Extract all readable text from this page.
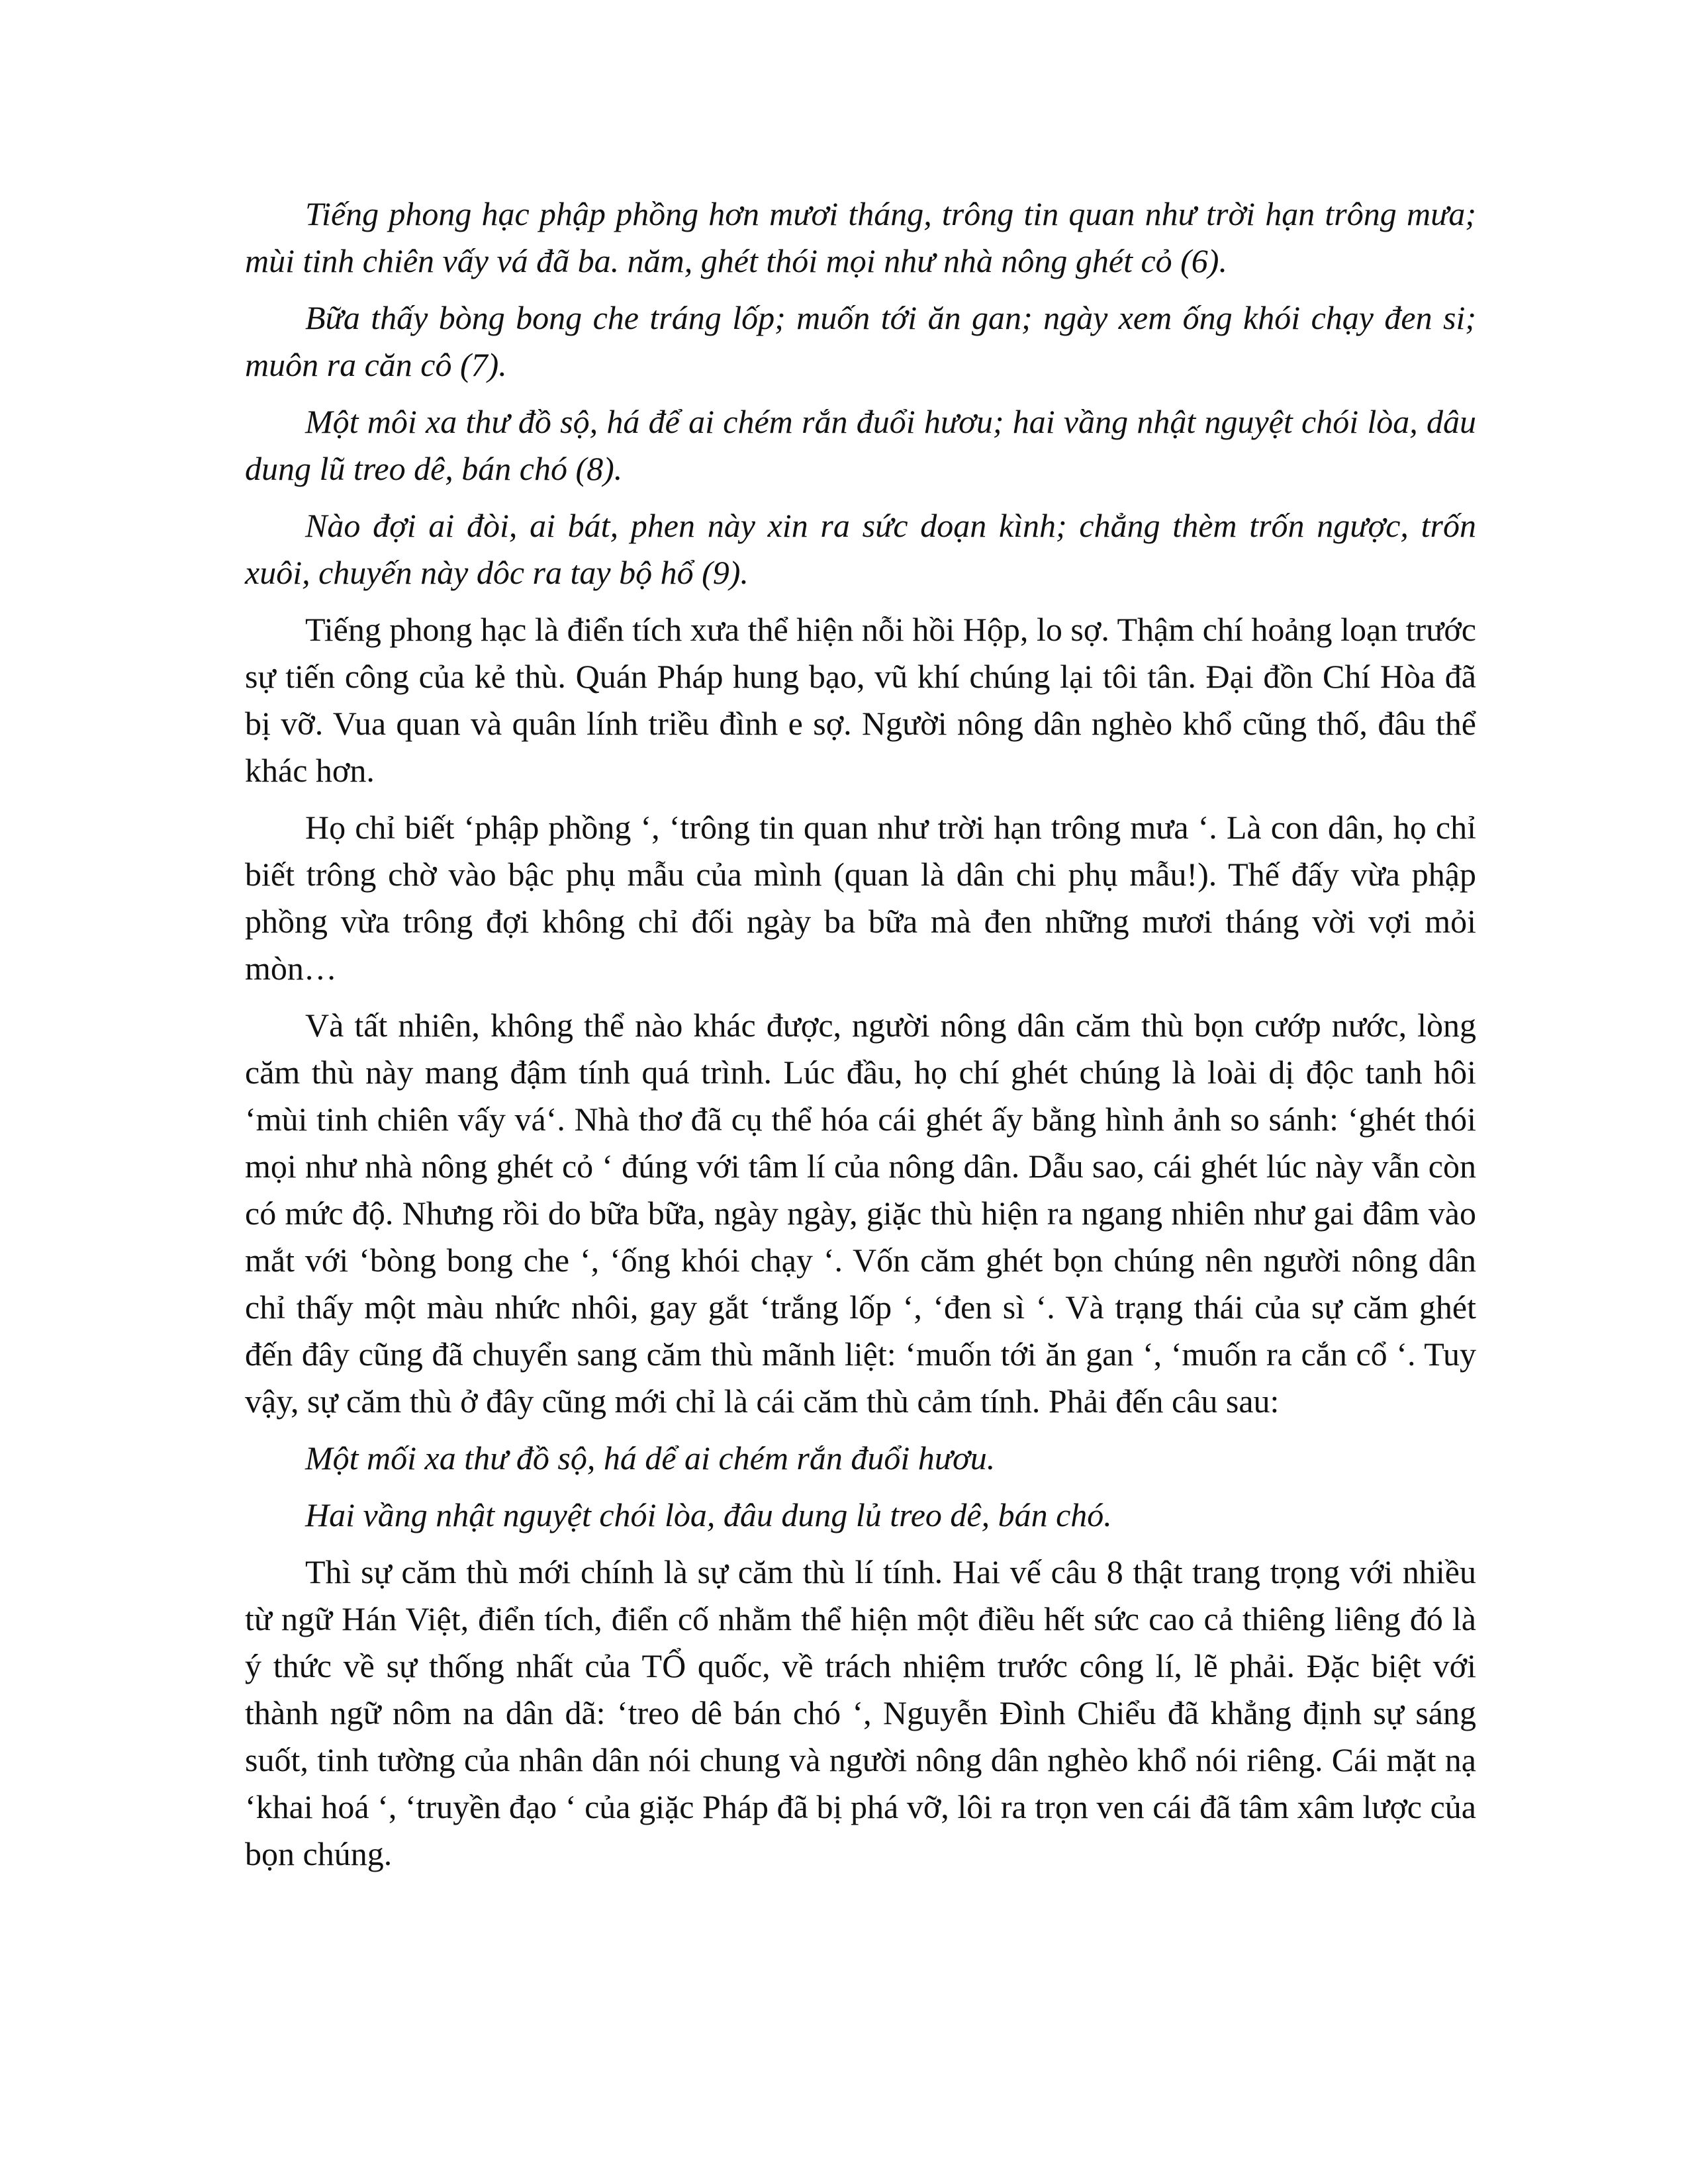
Tiếng phong hạc phập phồng hơn mươi tháng, trông tin quan như trời hạn trông mưa; mùi tinh chiên vấy vá đã ba. năm, ghét thói mọi như nhà nông ghét cỏ (6).

Bữa thấy bòng bong che tráng lốp; muốn tới ăn gan; ngày xem ống khói chạy đen si; muôn ra căn cô (7).

Một môi xa thư đồ sộ, há để ai chém rắn đuổi hươu; hai vầng nhật nguyệt chói lòa, dâu dung lũ treo dê, bán chó (8).

Nào đợi ai đòi, ai bát, phen này xin ra sức doạn kình; chẳng thèm trốn ngược, trốn xuôi, chuyến này dôc ra tay bộ hổ (9).

Tiếng phong hạc là điển tích xưa thể hiện nỗi hồi Hộp, lo sợ. Thậm chí hoảng loạn trước sự tiến công của kẻ thù. Quán Pháp hung bạo, vũ khí chúng lại tôi tân. Đại đồn Chí Hòa đã bị vỡ. Vua quan và quân lính triều đình e sợ. Người nông dân nghèo khổ cũng thố, đâu thể khác hơn.

Họ chỉ biết ‘phập phồng ‘, ‘trông tin quan như trời hạn trông mưa ‘. Là con dân, họ chỉ biết trông chờ vào bậc phụ mẫu của mình (quan là dân chi phụ mẫu!). Thế đấy vừa phập phồng vừa trông đợi không chỉ đối ngày ba bữa mà đen những mươi tháng vời vợi mỏi mòn…

Và tất nhiên, không thể nào khác được, người nông dân căm thù bọn cướp nước, lòng căm thù này mang đậm tính quá trình. Lúc đầu, họ chí ghét chúng là loài dị độc tanh hôi ‘mùi tinh chiên vấy vá‘. Nhà thơ đã cụ thể hóa cái ghét ấy bằng hình ảnh so sánh: ‘ghét thói mọi như nhà nông ghét cỏ ‘ đúng với tâm lí của nông dân. Dẫu sao, cái ghét lúc này vẫn còn có mức độ. Nhưng rồi do bữa bữa, ngày ngày, giặc thù hiện ra ngang nhiên như gai đâm vào mắt với ‘bòng bong che ‘, ‘ống khói chạy ‘. Vốn căm ghét bọn chúng nên người nông dân chỉ thấy một màu nhức nhôi, gay gắt ‘trắng lốp ‘, ‘đen sì ‘. Và trạng thái của sự căm ghét đến đây cũng đã chuyển sang căm thù mãnh liệt: ‘muốn tới ăn gan ‘, ‘muốn ra cắn cổ ‘. Tuy vậy, sự căm thù ở đây cũng mới chỉ là cái căm thù cảm tính. Phải đến câu sau:

Một mối xa thư đồ sộ, há dể ai chém rắn đuổi hươu.

Hai vầng nhật nguyệt chói lòa, đâu dung lủ treo dê, bán chó.

Thì sự căm thù mới chính là sự căm thù lí tính. Hai vế câu 8 thật trang trọng với nhiều từ ngữ Hán Việt, điển tích, điển cố nhằm thể hiện một điều hết sức cao cả thiêng liêng đó là ý thức về sự thống nhất của TỔ quốc, về trách nhiệm trước công lí, lẽ phải. Đặc biệt với thành ngữ nôm na dân dã: ‘treo dê bán chó ‘, Nguyễn Đình Chiểu đã khẳng định sự sáng suốt, tinh tường của nhân dân nói chung và người nông dân nghèo khổ nói riêng. Cái mặt nạ ‘khai hoá ‘, ‘truyền đạo ‘ của giặc Pháp đã bị phá vỡ, lôi ra trọn ven cái đã tâm xâm lược của bọn chúng.
